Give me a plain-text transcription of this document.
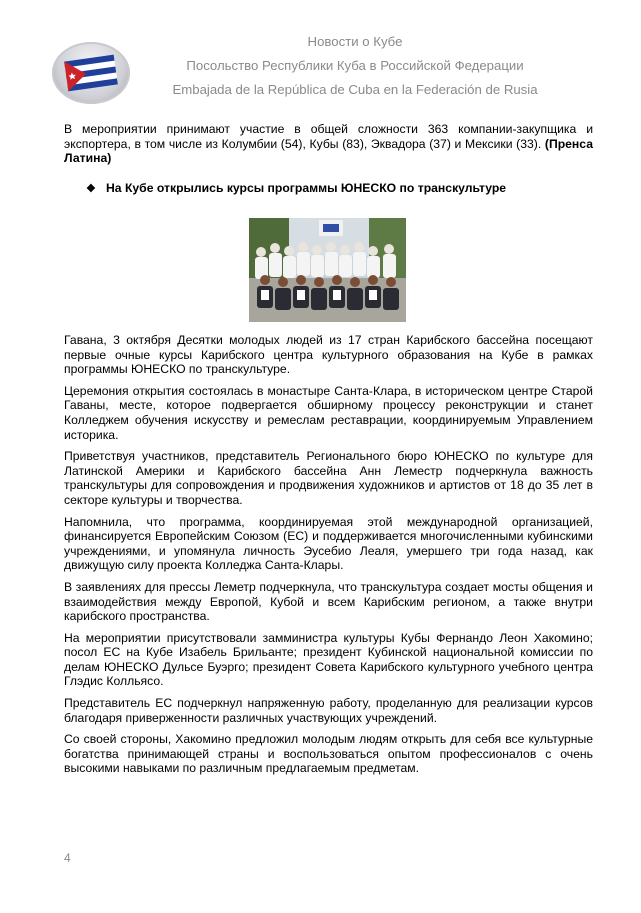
Новости о Кубе
Посольство Республики Куба в Российской Федерации
Embajada de la República de Cuba en la Federación de Rusia

В мероприятии принимают участие в общей сложности 363 компании-закупщика и экспортера, в том числе из Колумбии (54), Кубы (83), Эквадора (37) и Мексики (33). (Пренса Латина)

❖ На Кубе открылись курсы программы ЮНЕСКО по транскультуре

Гавана, 3 октября Десятки молодых людей из 17 стран Карибского бассейна посещают первые очные курсы Карибского центра культурного образования на Кубе в рамках программы ЮНЕСКО по транскультуре.

Церемония открытия состоялась в монастыре Санта-Клара, в историческом центре Старой Гаваны, месте, которое подвергается обширному процессу реконструкции и станет Колледжем обучения искусству и ремеслам реставрации, координируемым Управлением историка.

Приветствуя участников, представитель Регионального бюро ЮНЕСКО по культуре для Латинской Америки и Карибского бассейна Анн Леместр подчеркнула важность транскультуры для сопровождения и продвижения художников и артистов от 18 до 35 лет в секторе культуры и творчества.

Напомнила, что программа, координируемая этой международной организацией, финансируется Европейским Союзом (ЕС) и поддерживается многочисленными кубинскими учреждениями, и упомянула личность Эусебио Леаля, умершего три года назад, как движущую силу проекта Колледжа Санта-Клары.

В заявлениях для прессы Леметр подчеркнула, что транскультура создает мосты общения и взаимодействия между Европой, Кубой и всем Карибским регионом, а также внутри карибского пространства.

На мероприятии присутствовали замминистра культуры Кубы Фернандо Леон Хакомино; посол ЕС на Кубе Изабель Брильанте; президент Кубинской национальной комиссии по делам ЮНЕСКО Дульсе Буэрго; президент Совета Карибского культурного учебного центра Глэдис Колльясо.

Представитель ЕС подчеркнул напряженную работу, проделанную для реализации курсов благодаря приверженности различных участвующих учреждений.

Со своей стороны, Хакомино предложил молодым людям открыть для себя все культурные богатства принимающей страны и воспользоваться опытом профессионалов с очень высокими навыками по различным предлагаемым предметам.

4
